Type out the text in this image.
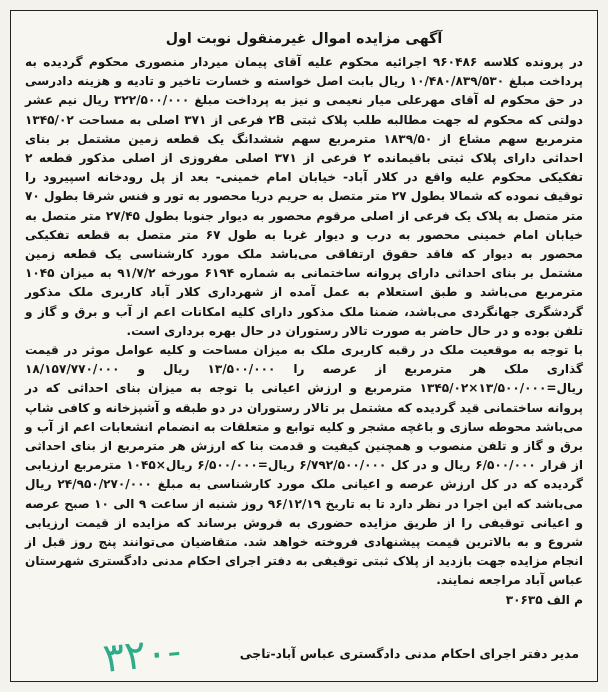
آگهی مزایده اموال غیرمنقول نوبت اول

در پرونده کلاسه ۹۶۰۴۸۶ اجرائیه محکوم علیه آقای پیمان میردار منصوری محکوم گردیده به پرداخت مبلغ ۱۰/۴۸۰/۸۳۹/۵۳۰ ریال بابت اصل خواسته و خسارت تاخیر و تادیه و هزینه دادرسی در حق محکوم له آقای مهرعلی میار نعیمی و نیز به پرداخت مبلغ ۳۲۲/۵۰۰/۰۰۰ ریال نیم عشر دولتی که محکوم له جهت مطالبه طلب پلاک ثبتی ۲B فرعی از ۳۷۱ اصلی به مساحت ۱۳۴۵/۰۲ مترمربع سهم مشاع از ۱۸۳۹/۵۰ مترمربع سهم ششدانگ یک قطعه زمین مشتمل بر بنای احداثی دارای پلاک ثبتی باقیمانده ۲ فرعی از ۳۷۱ اصلی مفروزی از اصلی مذکور قطعه ۲ تفکیکی محکوم علیه واقع در کلار آباد- خیابان امام خمینی- بعد از پل رودخانه اسپیرود را توقیف نموده که شمالا بطول ۲۷ متر متصل به حریم دریا محصور به تور و فنس شرقا بطول ۷۰ متر متصل به پلاک یک فرعی از اصلی مرقوم محصور به دیوار جنوبا بطول ۲۷/۴۵ متر متصل به خیابان امام خمینی محصور به درب و دیوار غربا به طول ۶۷ متر متصل به قطعه تفکیکی محصور به دیوار که فاقد حقوق ارتفاقی می‌باشد ملک مورد کارشناسی یک قطعه زمین مشتمل بر بنای احداثی دارای پروانه ساختمانی به شماره ۶۱۹۴ مورخه ۹۱/۷/۲ به میزان ۱۰۴۵ مترمربع می‌باشد و طبق استعلام به عمل آمده از شهرداری کلار آباد کاربری ملک مذکور گردشگری جهانگردی می‌باشد، ضمنا ملک مذکور دارای کلیه امکانات اعم از آب و برق و گاز و تلفن بوده و در حال حاضر به صورت تالار رستوران در حال بهره برداری است.

با توجه به موقعیت ملک در رقبه کاربری ملک به میزان مساحت و کلیه عوامل موثر در قیمت گذاری ملک هر مترمربع از عرصه را ۱۳/۵۰۰/۰۰۰ ریال و ۱۸/۱۵۷/۷۷۰/۰۰۰ ریال=۱۳/۵۰۰/۰۰۰×۱۳۴۵/۰۲ مترمربع و ارزش اعیانی با توجه به میزان بنای احداثی که در پروانه ساختمانی قید گردیده که مشتمل بر تالار رستوران در دو طبقه و آشپزخانه و کافی شاپ می‌باشد محوطه سازی و باغچه مشجر و کلیه توابع و متعلقات به انضمام انشعابات اعم از آب و برق و گاز و تلفن منصوب و همچنین کیفیت و قدمت بنا که ارزش هر مترمربع از بنای احداثی از قرار ۶/۵۰۰/۰۰۰ ریال و در کل ۶/۷۹۲/۵۰۰/۰۰۰ ریال=۶/۵۰۰/۰۰۰ ریال×۱۰۴۵ مترمربع ارزیابی گردیده که در کل ارزش عرصه و اعیانی ملک مورد کارشناسی به مبلغ ۲۴/۹۵۰/۲۷۰/۰۰۰ ریال می‌باشد که این اجرا در نظر دارد تا به تاریخ ۹۶/۱۲/۱۹ روز شنبه از ساعت ۹ الی ۱۰ صبح عرصه و اعیانی توقیفی را از طریق مزایده حضوری به فروش برساند که مزایده از قیمت ارزیابی شروع و به بالاترین قیمت پیشنهادی فروخته خواهد شد. متقاضیان می‌توانند پنج روز قبل از انجام مزایده جهت بازدید از پلاک ثبتی توقیفی به دفتر اجرای احکام مدنی دادگستری شهرستان عباس آباد مراجعه نمایند.

م الف ۳۰۶۳۵

مدیر دفتر اجرای احکام مدنی دادگستری عباس آباد-تاجی
۳۲۰-
